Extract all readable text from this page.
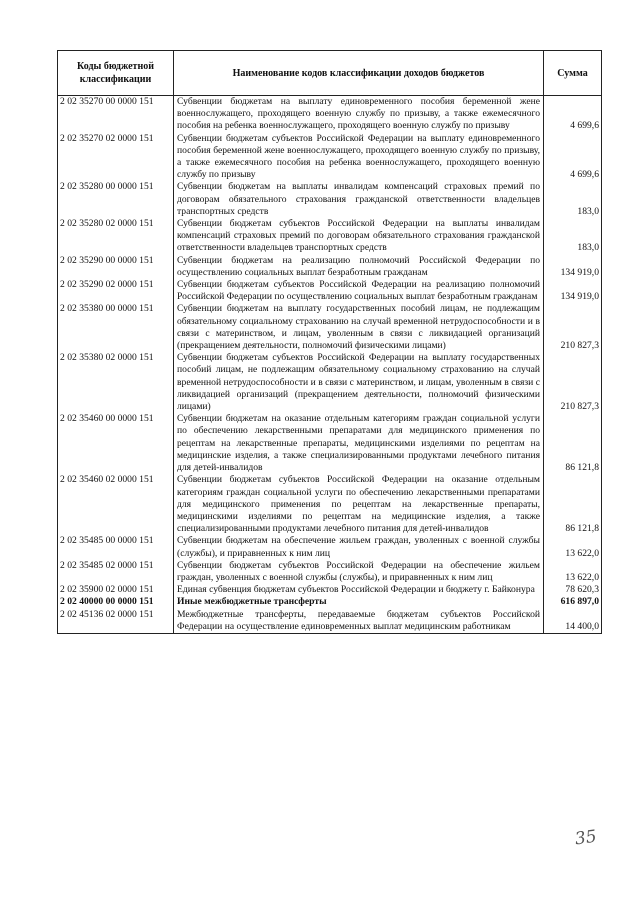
Коды бюджетной классификации	Наименование кодов классификации доходов бюджетов	Сумма
2 02 35270 00 0000 151	Субвенции бюджетам на выплату единовременного пособия беременной жене военнослужащего, проходящего военную службу по призыву, а также ежемесячного пособия на ребенка военнослужащего, проходящего военную службу по призыву	4 699,6
2 02 35270 02 0000 151	Субвенции бюджетам субъектов Российской Федерации на выплату единовременного пособия беременной жене военнослужащего, проходящего военную службу по призыву, а также ежемесячного пособия на ребенка военнослужащего, проходящего военную службу по призыву	4 699,6
2 02 35280 00 0000 151	Субвенции бюджетам на выплаты инвалидам компенсаций страховых премий по договорам обязательного страхования гражданской ответственности владельцев транспортных средств	183,0
2 02 35280 02 0000 151	Субвенции бюджетам субъектов Российской Федерации на выплаты инвалидам компенсаций страховых премий по договорам обязательного страхования гражданской ответственности владельцев транспортных средств	183,0
2 02 35290 00 0000 151	Субвенции бюджетам на реализацию полномочий Российской Федерации по осуществлению социальных выплат безработным гражданам	134 919,0
2 02 35290 02 0000 151	Субвенции бюджетам субъектов Российской Федерации на реализацию полномочий Российской Федерации по осуществлению социальных выплат безработным гражданам	134 919,0
2 02 35380 00 0000 151	Субвенции бюджетам на выплату государственных пособий лицам, не подлежащим обязательному социальному страхованию на случай временной нетрудоспособности и в связи с материнством, и лицам, уволенным в связи с ликвидацией организаций (прекращением деятельности, полномочий физическими лицами)	210 827,3
2 02 35380 02 0000 151	Субвенции бюджетам субъектов Российской Федерации на выплату государственных пособий лицам, не подлежащим обязательному социальному страхованию на случай временной нетрудоспособности и в связи с материнством, и лицам, уволенным в связи с ликвидацией организаций (прекращением деятельности, полномочий физическими лицами)	210 827,3
2 02 35460 00 0000 151	Субвенции бюджетам на оказание отдельным категориям граждан социальной услуги по обеспечению лекарственными препаратами для медицинского применения по рецептам на лекарственные препараты, медицинскими изделиями по рецептам на медицинские изделия, а также специализированными продуктами лечебного питания для детей-инвалидов	86 121,8
2 02 35460 02 0000 151	Субвенции бюджетам субъектов Российской Федерации на оказание отдельным категориям граждан социальной услуги по обеспечению лекарственными препаратами для медицинского применения по рецептам на лекарственные препараты, медицинскими изделиями по рецептам на медицинские изделия, а также специализированными продуктами лечебного питания для детей-инвалидов	86 121,8
2 02 35485 00 0000 151	Субвенции бюджетам на обеспечение жильем граждан, уволенных с военной службы (службы), и приравненных к ним лиц	13 622,0
2 02 35485 02 0000 151	Субвенции бюджетам субъектов Российской Федерации на обеспечение жильем граждан, уволенных с военной службы (службы), и приравненных к ним лиц	13 622,0
2 02 35900 02 0000 151	Единая субвенция бюджетам субъектов Российской Федерации и бюджету г. Байконура	78 620,3
2 02 40000 00 0000 151	Иные межбюджетные трансферты	616 897,0
2 02 45136 02 0000 151	Межбюджетные трансферты, передаваемые бюджетам субъектов Российской Федерации на осуществление единовременных выплат медицинским работникам	14 400,0
35
